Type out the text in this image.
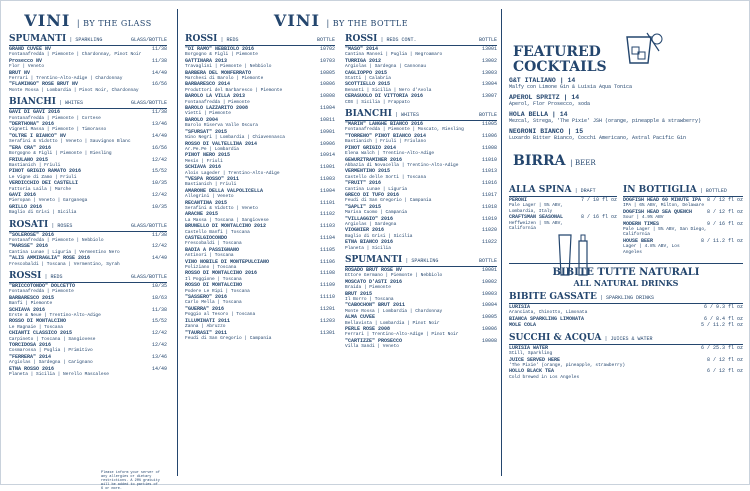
VINI | BY THE GLASS
SPUMANTI | SPARKLING	GLASS/BOTTLE
GRAND CUVEE NV
Fontanafredda | Piemonte | Chardonnay, Pinot Noir
11/38
Prosecco NV
Flor | Veneto
11/38
BRUT NV
Ferrari | Trentino-Alto-Adige | Chardonnay
14/49
"FLAMINGO" ROSE BRUT NV
Monte Rossa | Lombardia | Pinot Noir, Chardonnay
16/56
BIANCHI | WHITES	GLASS/BOTTLE
GAVI DI GAVI 2016
Fontanafredda | Piemonte | Cortese
11/38
"DERTHONA" 2016
Vigneti Massa | Piemonte | Timorasso
13/46
"OLTRE I BIANCO" NV
Serafini & Vidotto | Veneto | Sauvignon Blanc
14/49
"ERA CRA" 2016
Borgogno & Figli | Piemonte | Riesling
16/56
FRIULANO 2015
Bastianich | Friuli
12/42
PINOT GRIGIO RAMATO 2016
Le Vigne di Zamo | Friuli
15/52
VERDICCHIO DEI CASTELLI
Fattoria Laila | Marche
10/35
GAVI 2016
Pieropan | Veneto | Garganega
12/42
GRILLO 2016
Baglio di Grisi | Sicilia
10/35
ROSATI | ROSES	GLASS/BOTTLE
"SOLEROSE" 2016
Fontanafredda | Piemonte | Nebbiolo
11/38
"MARSSE" 2016
Cantina Lunae | Liguria | Vermentino Nero
12/42
"ALIS AMMIRAGLIA" ROSE 2016
Frescobaldi | Toscana | Vermentino, Syrah
14/49
ROSSI | REDS	GLASS/BOTTLE
"BRICCOTONDO" DOLCETTO
Fontanafredda | Piemonte
10/35
BARBARESCO 2015
Banfi | Piemonte
18/63
SCHIAVA 2016
Erste & Neue | Trentino-Alto-Adige
11/38
ROSSO DI MONTALCINO
Le Ragnaie | Toscana
15/52
CHIANTI CLASSICO 2015
Carpineto | Toscana | Sangiovese
12/42
TORCIDOSA 2016
Cosmarossa | Puglia | Primitivo
12/42
"FERRERA" 2014
Argiolas | Sardegna | Carignano
13/46
ETNA ROSSO 2016
Planeta | Sicilia | Nerello Mascalese
14/49
VINI | BY THE BOTTLE
ROSSI | REDS	BOTTLE
"DI RAMO" NEBBIOLO 2016
Borgogno & Figli | Piemonte
10702
GATTINARA 2013
Travaglini | Piemonte | Nebbiolo
10703
BARBERA DEL MONFERRATO
Marchesi di Barolo | Piemonte
10805
BARBARESCO 2014
Produttori del Barbaresco | Piemonte
10806
BAROLO LA VILLA 2013
Fontanafredda | Piemonte
10808
BAROLO LAZZARITO 2008
Vietti | Piemonte
11004
BAROLO 2004
Barolo Riserva Valle Oscura
10811
"SFURSAT" 2015
Nino Negri | Lombardia | Chiavennasca
10901
ROSSO DI VALTELLINA 2014
Ar.Pe.Pe | Lombardia
10906
PINOT NERO 2015
Mesis | Friuli
10914
SCHIAVA 2016
Alois Lageder | Trentino-Alto-Adige
11001
"VESPA ROSSO" 2011
Bastianich | Friuli
11003
AMARONE DELLA VALPOLICELLA
Allegrini | Veneto
11004
RECANTINA 2015
Serafini & Vidotto | Veneto
11101
ARACNE 2015
La Massa | Toscana | Sangiovese
11102
BRUNELLO DI MONTALCINO 2012
Castello Banfi | Toscana
11103
CASTELGIOCONDO
Frescobaldi | Toscana
11104
BADIA A PASSIGNANO
Antinori | Toscana
11105
VINO NOBILE DI MONTEPULCIANO
Poliziano | Toscana
11106
ROSSO DI MONTALCINO 2016
Il Poggione | Toscana
11108
ROSSO DI MONTALCINO
Podere Le Ripi | Toscana
11109
"SASSERO" 2016
Carlo Mella | Toscana
11110
"GUERRA" 2016
Poggio al Tesoro | Toscana
11201
ILLUMINATI 2011
Zanna | Abruzzo
11203
"TAURASI" 2011
Feudi di San Gregorio | Campania
11301
ROSSI | REDS CONT.	BOTTLE
"MASO" 2014
Cantina Mansei | Puglia | Negroamaro
13001
TURRIGA 2012
Argiolas | Sardegna | Cannonau
13002
CAGLIOPPO 2015
Statti | Calabria
13003
SCOTTIELLO 2015
Benanti | Sicilia | Nero d'Avola
13004
CERASUOLO DI VITTORIA 2016
COS | Sicilia | Frappato
13007
BIANCHI | WHITES	BOTTLE
"MARIN" LANGHE BIANCO 2016
Fontanafredda | Piemonte | Moscato, Riesling
11005
"TORRENO" PINOT BIANCO 2014
Bastianich | Friuli | Friulano
11006
PINOT GRIGIO 2014
Elena Walch | Trentino-Alto-Adige
11008
GEWURZTRAMINER 2016
Abbazia di Novacella | Trentino-Alto-Adige
11010
VERMENTINO 2015
Castello delle Sorti | Toscana
11013
"FRUIT" 2016
Cantina Lunae | Liguria
11016
GRECO DI TUFO 2016
Feudi di San Gregorio | Campania
11017
"SAPLI" 2015
Marisa Cuomo | Campania
11018
"VILLAGGIO" 2016
Argiolas | Sardegna
11019
VIOGNIER 2016
Baglio di Grisi | Sicilia
11020
ETNA BIANCO 2016
Planeta | Sicilia
11022
SPUMANTI | SPARKLING	BOTTLE
ROSADO BRUT ROSE NV
Ettore Germano | Piemonte | Nebbiolo
10001
MOSCATO D'ASTI 2016
Braida | Piemonte
10002
BRUT 2015
Il Borro | Toscana
10003
"CABOCHON" BRUT 2011
Monte Rossa | Lombardia | Chardonnay
10004
ALMA CUVEE
Bellavista | Lombardia | Pinot Noir
10005
PERLE ROSE 2008
Ferrari | Trentino-Alto-Adige | Pinot Noir
10006
"CARTIZZE" PROSECCO
Villa Sandi | Veneto
10008
FEATURED
COCKTAILS
G&T ITALIANO | 14
Malfy con Limone Gin & Luisia Aqua Tonica
APEROL SPRITZ | 14
Aperol, Flor Prosecco, soda
HOLA BELLA | 14
Mezcal, Strega, 'The Pixie' JSH (orange, pineapple & strawberry)
NEGRONI BIANCO | 15
Luxardo Bitter Bianco, Cocchi Americano, Astral Pacific Gin
BIRRA | BEER
ALLA SPINA | DRAFT
PERONI
Pale Lager | 5% ABV, Lombardia, Italy
7 / 10 fl oz
CRAFTSMAN SEASONAL
Heffweizen | 5% ABV, California
8 / 16 fl oz
IN BOTTIGLIA | BOTTLED
DOGFISH HEAD 60 MINUTE IPA
IPA | 6% ABV, Milton, Delaware
8 / 12 fl oz
DOGFISH HEAD SEA QUENCH
Sour | 4.9% ABV
8 / 12 fl oz
MODERN TIMES
Pale Lager | 5% ABV, San Diego, California
9 / 16 fl oz
HOUSE BEER
Lager | 4.8% ABV, Los Angeles
8 / 11.2 fl oz
BIBITE TUTTE NATURALI
ALL NATURAL DRINKS
BIBITE GASSATE | SPARKLING DRINKS
LURISIA
Aranciata, Chinotto, Limonata
6 / 9.3 fl oz
BIANCA SPARKLING LIMONATA	6 / 8.4 fl oz
MOLE COLA	5 / 11.2 fl oz
SUCCHI & ACQUA | JUICES & WATER
LURISIA WATER
Still, Sparkling
6 / 25.3 fl oz
JUICE SERVED HERE
'The Pixie' (orange, pineapple, strawberry)
8 / 12 fl oz
HOLLO BLACK TEA
Cold brewed in Los Angeles
6 / 12 fl oz
Please inform your server of any allergies or dietary restrictions. A 20% gratuity will be added to parties of 6 or more.
